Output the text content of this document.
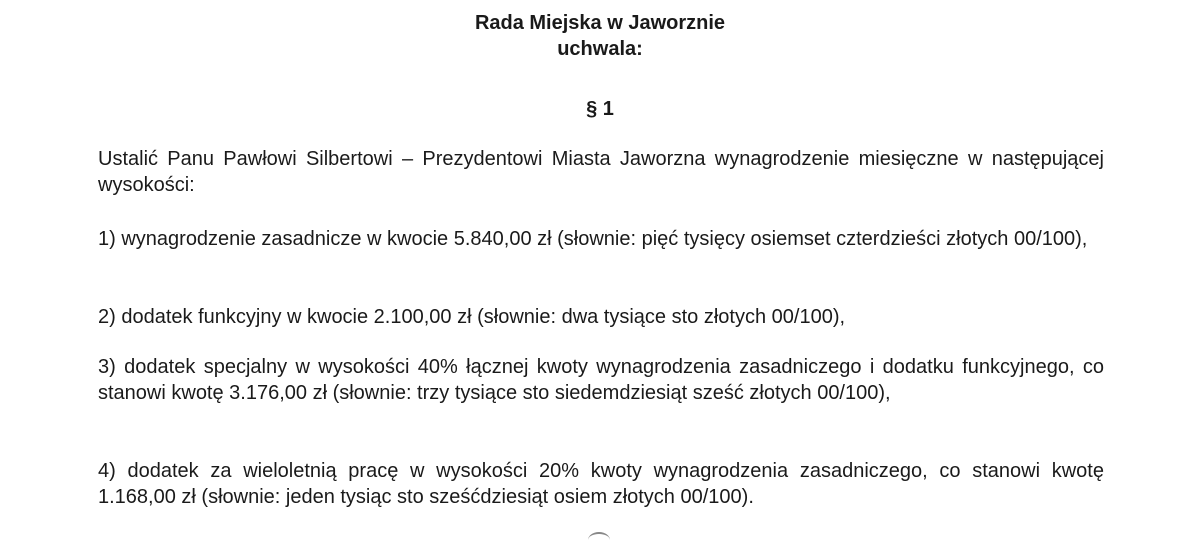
Rada Miejska w Jaworznie
uchwala:
§ 1

Ustalić Panu Pawłowi Silbertowi – Prezydentowi Miasta Jaworzna wynagrodzenie miesięczne w następującej wysokości:

1) wynagrodzenie zasadnicze w kwocie 5.840,00 zł (słownie: pięć tysięcy osiemset czterdzieści złotych 00/100),

2) dodatek funkcyjny w kwocie 2.100,00 zł (słownie: dwa tysiące sto złotych 00/100),

3) dodatek specjalny w wysokości 40% łącznej kwoty wynagrodzenia zasadniczego i dodatku funkcyjnego, co stanowi kwotę 3.176,00 zł (słownie: trzy tysiące sto siedemdziesiąt sześć złotych 00/100),

4) dodatek za wieloletnią pracę w wysokości 20% kwoty wynagrodzenia zasadniczego, co stanowi kwotę 1.168,00 zł (słownie: jeden tysiąc sto sześćdziesiąt osiem złotych 00/100).
